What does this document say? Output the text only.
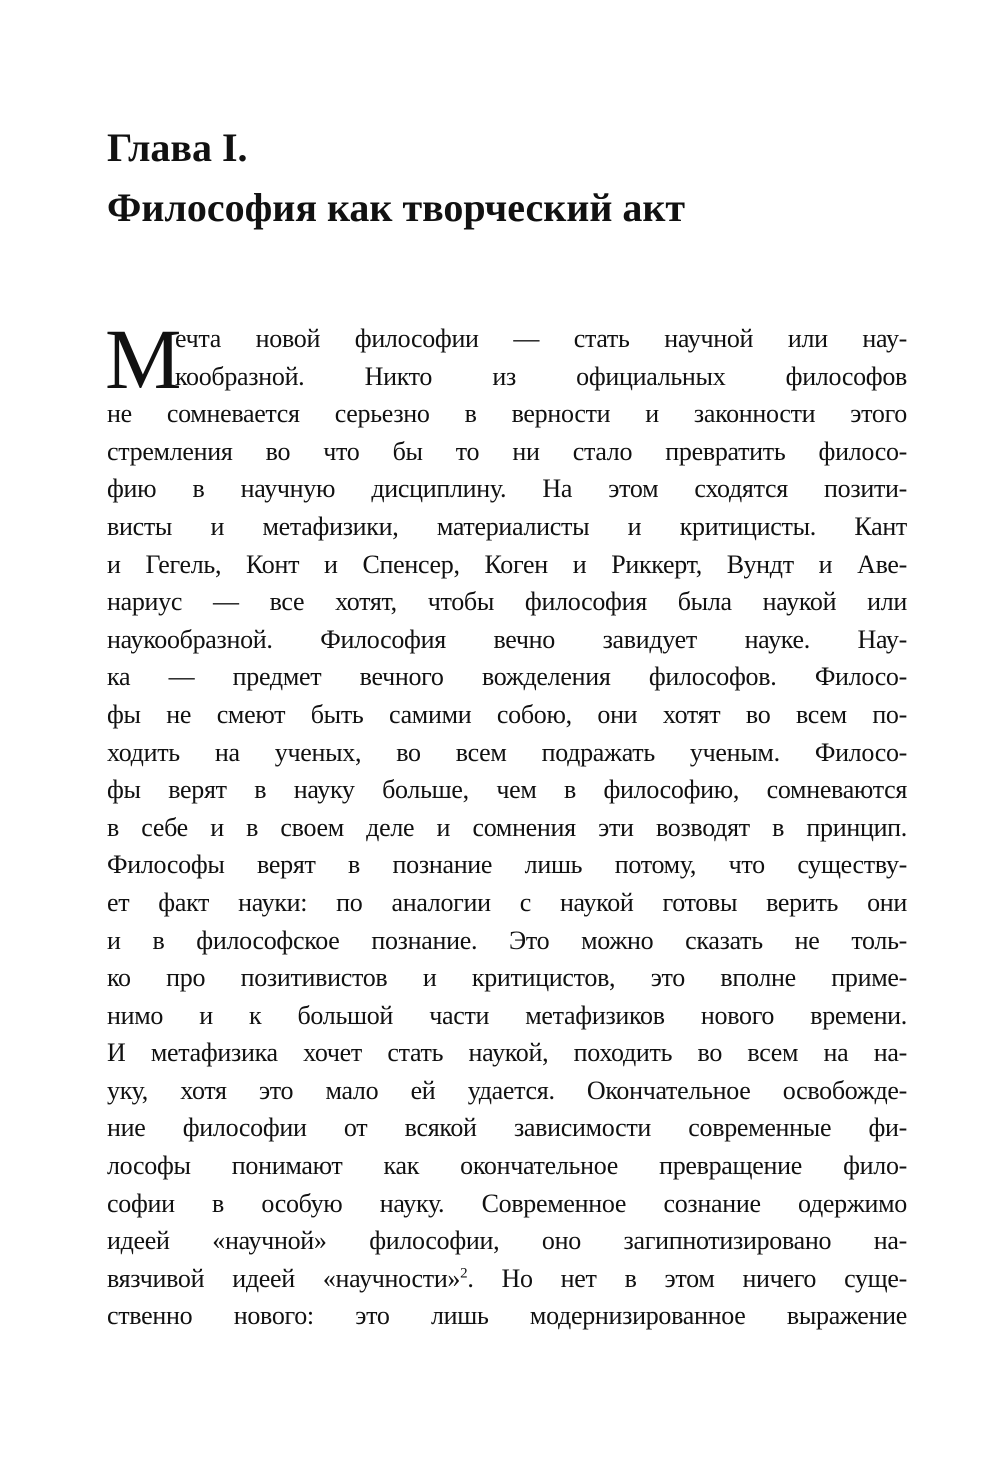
Глава I.
Философия как творческий акт
М
ечта новой философии — стать научной или нау-
кообразной. Никто из официальных философов
не сомневается серьезно в верности и законности этого
стремления во что бы то ни стало превратить филосо-
фию в научную дисциплину. На этом сходятся позити-
висты и метафизики, материалисты и критицисты. Кант
и Гегель, Конт и Спенсер, Коген и Риккерт, Вундт и Аве-
нариус — все хотят, чтобы философия была наукой или
наукообразной. Философия вечно завидует науке. Нау-
ка — предмет вечного вожделения философов. Филосо-
фы не смеют быть самими собою, они хотят во всем по-
ходить на ученых, во всем подражать ученым. Филосо-
фы верят в науку больше, чем в философию, сомневаются
в себе и в своем деле и сомнения эти возводят в принцип.
Философы верят в познание лишь потому, что существу-
ет факт науки: по аналогии с наукой готовы верить они
и в философское познание. Это можно сказать не толь-
ко про позитивистов и критицистов, это вполне приме-
нимо и к большой части метафизиков нового времени.
И метафизика хочет стать наукой, походить во всем на на-
уку, хотя это мало ей удается. Окончательное освобожде-
ние философии от всякой зависимости современные фи-
лософы понимают как окончательное превращение фило-
софии в особую науку. Современное сознание одержимо
идеей «научной» философии, оно загипнотизировано на-
вязчивой идеей «научности»$^2$. Но нет в этом ничего суще-
ственно нового: это лишь модернизированное выражение
